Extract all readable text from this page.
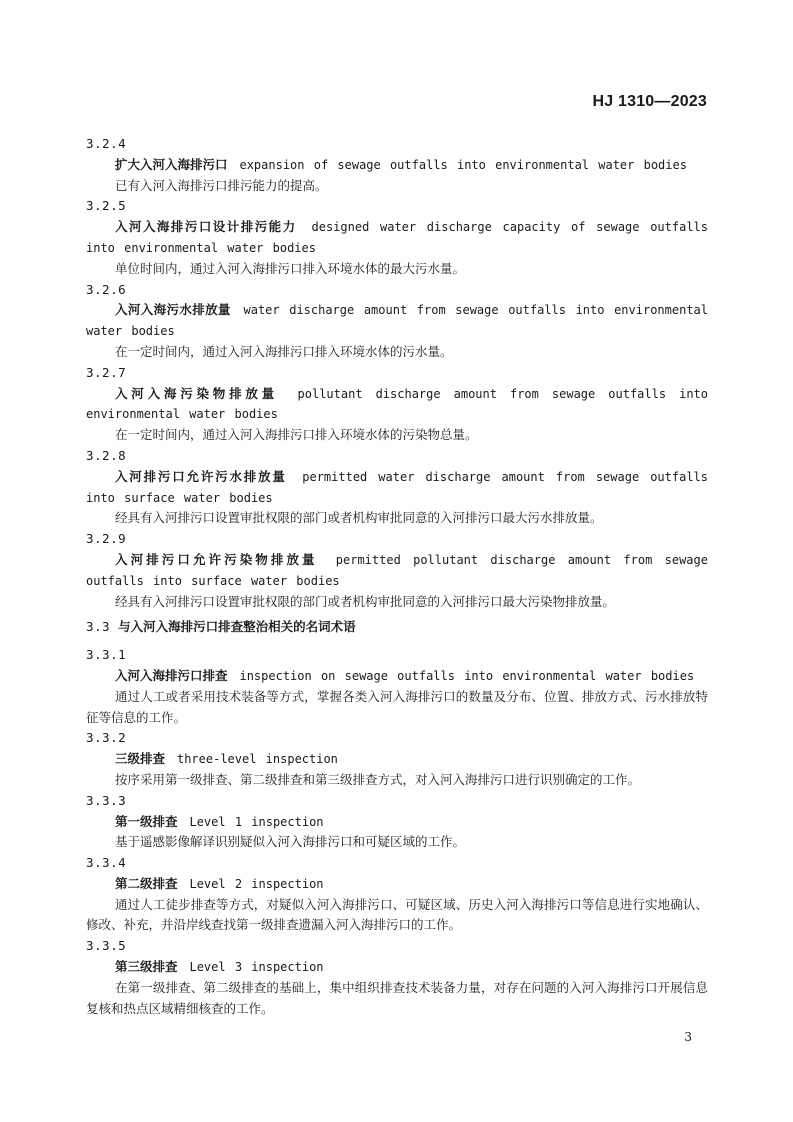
HJ 1310—2023
3.2.4
扩大入河入海排污口 expansion of sewage outfalls into environmental water bodies
已有入河入海排污口排污能力的提高。
3.2.5
入河入海排污口设计排污能力 designed water discharge capacity of sewage outfalls into environmental water bodies
单位时间内，通过入河入海排污口排入环境水体的最大污水量。
3.2.6
入河入海污水排放量 water discharge amount from sewage outfalls into environmental water bodies
在一定时间内，通过入河入海排污口排入环境水体的污水量。
3.2.7
入河入海污染物排放量 pollutant discharge amount from sewage outfalls into environmental water bodies
在一定时间内，通过入河入海排污口排入环境水体的污染物总量。
3.2.8
入河排污口允许污水排放量 permitted water discharge amount from sewage outfalls into surface water bodies
经具有入河排污口设置审批权限的部门或者机构审批同意的入河排污口最大污水排放量。
3.2.9
入河排污口允许污染物排放量 permitted pollutant discharge amount from sewage outfalls into surface water bodies
经具有入河排污口设置审批权限的部门或者机构审批同意的入河排污口最大污染物排放量。
3.3 与入河入海排污口排查整治相关的名词术语
3.3.1
入河入海排污口排查 inspection on sewage outfalls into environmental water bodies
通过人工或者采用技术装备等方式，掌握各类入河入海排污口的数量及分布、位置、排放方式、污水排放特征等信息的工作。
3.3.2
三级排查 three-level inspection
按序采用第一级排查、第二级排查和第三级排查方式，对入河入海排污口进行识别确定的工作。
3.3.3
第一级排查 Level 1 inspection
基于遥感影像解译识别疑似入河入海排污口和可疑区域的工作。
3.3.4
第二级排查 Level 2 inspection
通过人工徒步排查等方式，对疑似入河入海排污口、可疑区域、历史入河入海排污口等信息进行实地确认、修改、补充，并沿岸线查找第一级排查遗漏入河入海排污口的工作。
3.3.5
第三级排查 Level 3 inspection
在第一级排查、第二级排查的基础上，集中组织排查技术装备力量，对存在问题的入河入海排污口开展信息复核和热点区域精细核查的工作。
3
